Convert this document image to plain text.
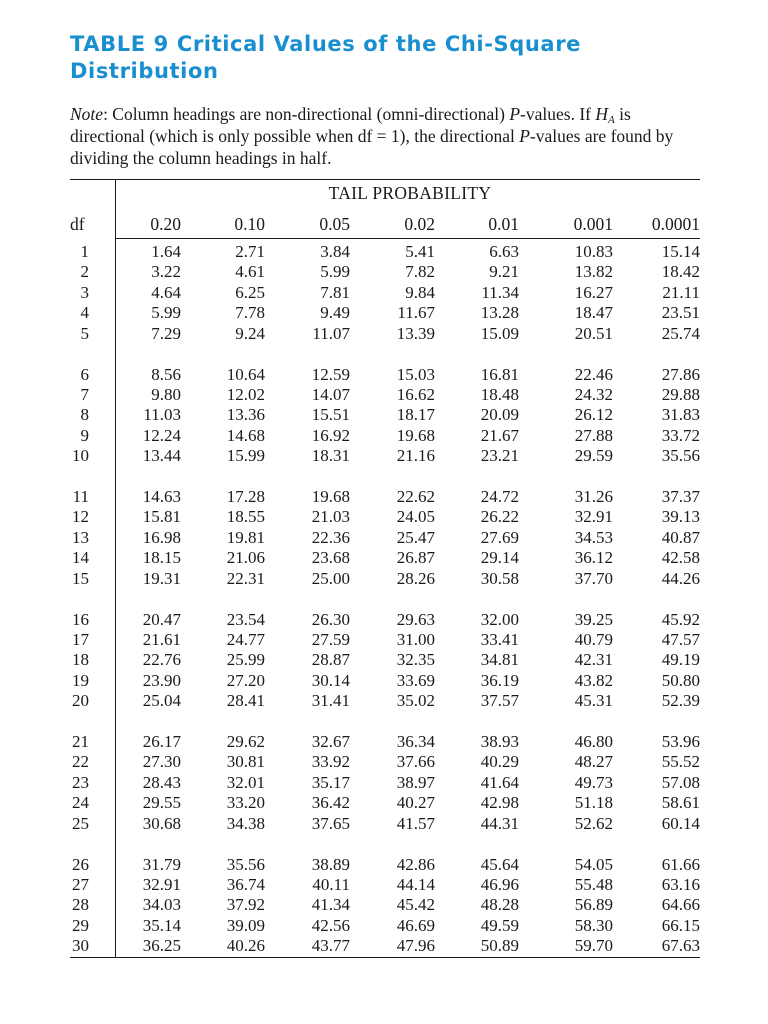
TABLE 9 Critical Values of the Chi-Square Distribution
Note: Column headings are non-directional (omni-directional) P-values. If $H_A$ is directional (which is only possible when df = 1), the directional P-values are found by dividing the column headings in half.
TAIL PROBABILITY
df	0.20	0.10	0.05	0.02	0.01	0.001	0.0001
1	1.64	2.71	3.84	5.41	6.63	10.83	15.14
2	3.22	4.61	5.99	7.82	9.21	13.82	18.42
3	4.64	6.25	7.81	9.84	11.34	16.27	21.11
4	5.99	7.78	9.49	11.67	13.28	18.47	23.51
5	7.29	9.24	11.07	13.39	15.09	20.51	25.74
6	8.56	10.64	12.59	15.03	16.81	22.46	27.86
7	9.80	12.02	14.07	16.62	18.48	24.32	29.88
8	11.03	13.36	15.51	18.17	20.09	26.12	31.83
9	12.24	14.68	16.92	19.68	21.67	27.88	33.72
10	13.44	15.99	18.31	21.16	23.21	29.59	35.56
11	14.63	17.28	19.68	22.62	24.72	31.26	37.37
12	15.81	18.55	21.03	24.05	26.22	32.91	39.13
13	16.98	19.81	22.36	25.47	27.69	34.53	40.87
14	18.15	21.06	23.68	26.87	29.14	36.12	42.58
15	19.31	22.31	25.00	28.26	30.58	37.70	44.26
16	20.47	23.54	26.30	29.63	32.00	39.25	45.92
17	21.61	24.77	27.59	31.00	33.41	40.79	47.57
18	22.76	25.99	28.87	32.35	34.81	42.31	49.19
19	23.90	27.20	30.14	33.69	36.19	43.82	50.80
20	25.04	28.41	31.41	35.02	37.57	45.31	52.39
21	26.17	29.62	32.67	36.34	38.93	46.80	53.96
22	27.30	30.81	33.92	37.66	40.29	48.27	55.52
23	28.43	32.01	35.17	38.97	41.64	49.73	57.08
24	29.55	33.20	36.42	40.27	42.98	51.18	58.61
25	30.68	34.38	37.65	41.57	44.31	52.62	60.14
26	31.79	35.56	38.89	42.86	45.64	54.05	61.66
27	32.91	36.74	40.11	44.14	46.96	55.48	63.16
28	34.03	37.92	41.34	45.42	48.28	56.89	64.66
29	35.14	39.09	42.56	46.69	49.59	58.30	66.15
30	36.25	40.26	43.77	47.96	50.89	59.70	67.63
